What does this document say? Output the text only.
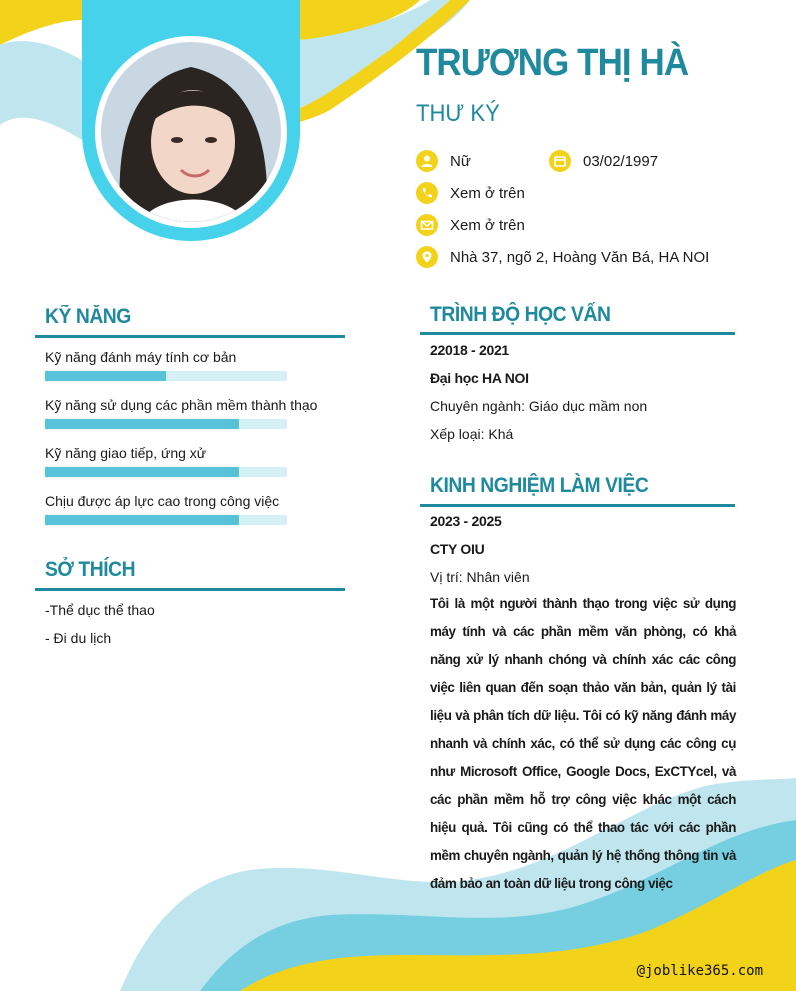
TRƯƠNG THỊ HÀ
THƯ KÝ
Nữ	03/02/1997
Xem ở trên
Xem ở trên
Nhà 37, ngõ 2, Hoàng Văn Bá, HA NOI
KỸ NĂNG
Kỹ năng đánh máy tính cơ bản
Kỹ năng sử dụng các phần mềm thành thạo
Kỹ năng giao tiếp, ứng xử
Chịu được áp lực cao trong công việc
SỞ THÍCH
-Thể dục thể thao
- Đi du lịch
TRÌNH ĐỘ HỌC VẤN
22018 - 2021
Đại học HA NOI
Chuyên ngành: Giáo dục mầm non
Xếp loại: Khá
KINH NGHIỆM LÀM VIỆC
2023 - 2025
CTY OIU
Vị trí: Nhân viên
Tôi là một người thành thạo trong việc sử dụng máy tính và các phần mềm văn phòng, có khả năng xử lý nhanh chóng và chính xác các công việc liên quan đến soạn thảo văn bản, quản lý tài liệu và phân tích dữ liệu. Tôi có kỹ năng đánh máy nhanh và chính xác, có thể sử dụng các công cụ như Microsoft Office, Google Docs, ExCTYcel, và các phần mềm hỗ trợ công việc khác một cách hiệu quả. Tôi cũng có thể thao tác với các phần mềm chuyên ngành, quản lý hệ thống thông tin và đảm bảo an toàn dữ liệu trong công việc
@joblike365.com
